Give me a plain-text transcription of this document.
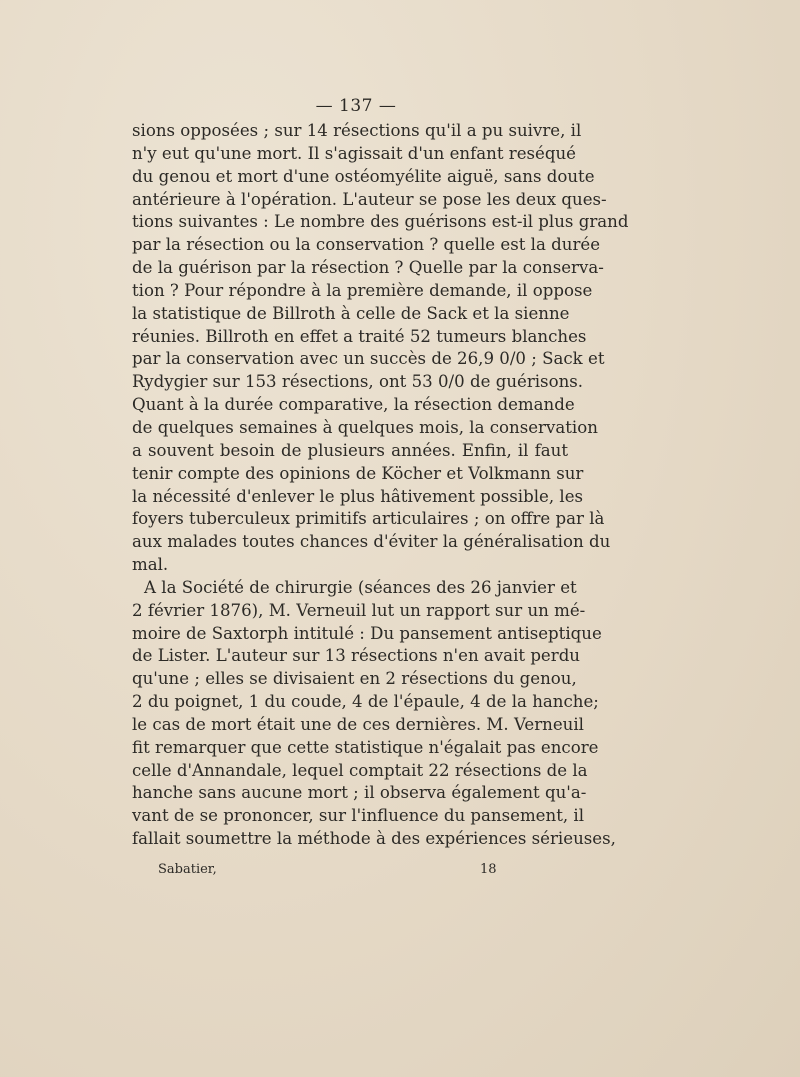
— 137 —
sions opposées ; sur 14 résections qu'il a pu suivre, il
n'y eut qu'une mort. Il s'agissait d'un enfant reséqué
du genou et mort d'une ostéomyélite aiguë, sans doute
antérieure à l'opération. L'auteur se pose les deux ques-
tions suivantes : Le nombre des guérisons est-il plus grand
par la résection ou la conservation ? quelle est la durée
de la guérison par la résection ? Quelle par la conserva-
tion ? Pour répondre à la première demande, il oppose
la statistique de Billroth à celle de Sack et la sienne
réunies. Billroth en effet a traité 52 tumeurs blanches
par la conservation avec un succès de 26,9 0/0 ; Sack et
Rydygier sur 153 résections, ont 53 0/0 de guérisons.
Quant à la durée comparative, la résection demande
de quelques semaines à quelques mois, la conservation
a souvent besoin de plusieurs années. Enfin, il faut
tenir compte des opinions de Köcher et Volkmann sur
la nécessité d'enlever le plus hâtivement possible, les
foyers tuberculeux primitifs articulaires ; on offre par là
aux malades toutes chances d'éviter la généralisation du
mal.
A la Société de chirurgie (séances des 26 janvier et
2 février 1876), M. Verneuil lut un rapport sur un mé-
moire de Saxtorph intitulé : Du pansement antiseptique
de Lister. L'auteur sur 13 résections n'en avait perdu
qu'une ; elles se divisaient en 2 résections du genou,
2 du poignet, 1 du coude, 4 de l'épaule, 4 de la hanche;
le cas de mort était une de ces dernières. M. Verneuil
fit remarquer que cette statistique n'égalait pas encore
celle d'Annandale, lequel comptait 22 résections de la
hanche sans aucune mort ; il observa également qu'a-
vant de se prononcer, sur l'influence du pansement, il
fallait soumettre la méthode à des expériences sérieuses,
Sabatier,	18
